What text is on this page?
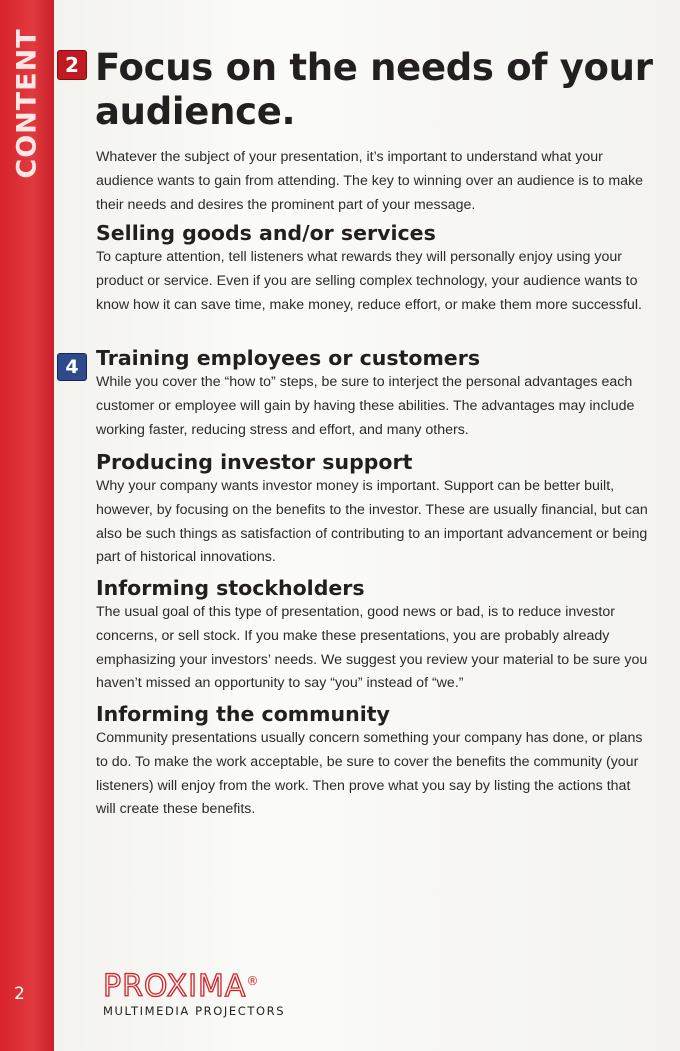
CONTENT
2
2
4
Focus on the needs of your audience.

Whatever the subject of your presentation, it’s important to understand what your audience wants to gain from attending. The key to winning over an audience is to make their needs and desires the prominent part of your message.

Selling goods and/or services

To capture attention, tell listeners what rewards they will personally enjoy using your product or service. Even if you are selling complex technology, your audience wants to know how it can save time, make money, reduce effort, or make them more successful.

Training employees or customers

While you cover the “how to” steps, be sure to interject the personal advantages each customer or employee will gain by having these abilities. The advantages may include working faster, reducing stress and effort, and many others.

Producing investor support

Why your company wants investor money is important. Support can be better built, however, by focusing on the benefits to the investor. These are usually financial, but can also be such things as satisfaction of contributing to an important advancement or being part of historical innovations.

Informing stockholders

The usual goal of this type of presentation, good news or bad, is to reduce investor concerns, or sell stock. If you make these presentations, you are probably already emphasizing your investors’ needs. We suggest you review your material to be sure you haven’t missed an opportunity to say “you” instead of “we.”

Informing the community

Community presentations usually concern something your company has done, or plans to do. To make the work acceptable, be sure to cover the benefits the community (your listeners) will enjoy from the work. Then prove what you say by listing the actions that will create these benefits.

PROXIMA®
MULTIMEDIA PROJECTORS
